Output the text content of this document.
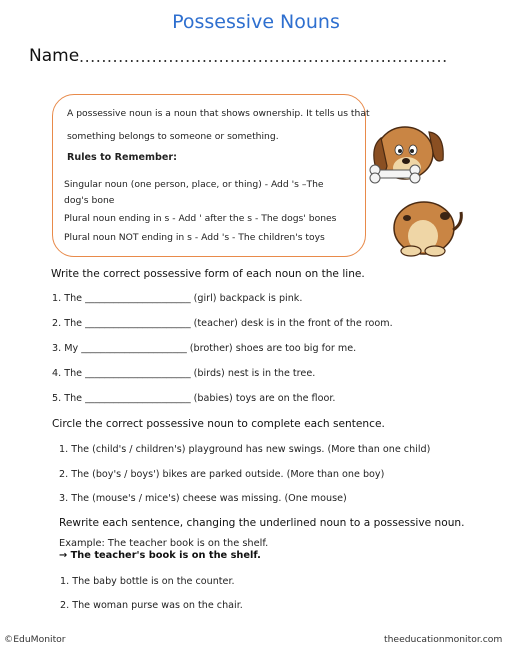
Possessive Nouns
Name ..................................................................
A possessive noun is a noun that shows ownership. It tells us that
something belongs to someone or something.
Rules to Remember:
Singular noun (one person, place, or thing) - Add 's –The
dog's bone
Plural noun ending in s - Add ' after the s - The dogs' bones
Plural noun NOT ending in s - Add 's - The children's toys
Write the correct possessive form of each noun on the line.
1. The ______________________ (girl) backpack is pink.
2. The ______________________ (teacher) desk is in the front of the room.
3. My ______________________ (brother) shoes are too big for me.
4. The ______________________ (birds) nest is in the tree.
5. The ______________________ (babies) toys are on the floor.
Circle the correct possessive noun to complete each sentence.
1. The (child's / children's) playground has new swings. (More than one child)
2. The (boy's / boys') bikes are parked outside. (More than one boy)
3. The (mouse's / mice's) cheese was missing. (One mouse)
Rewrite each sentence, changing the underlined noun to a possessive noun.
Example: The teacher book is on the shelf.
→ The teacher's book is on the shelf.
1. The baby bottle is on the counter.
2. The woman purse was on the chair.
©EduMonitor	theeducationmonitor.com
